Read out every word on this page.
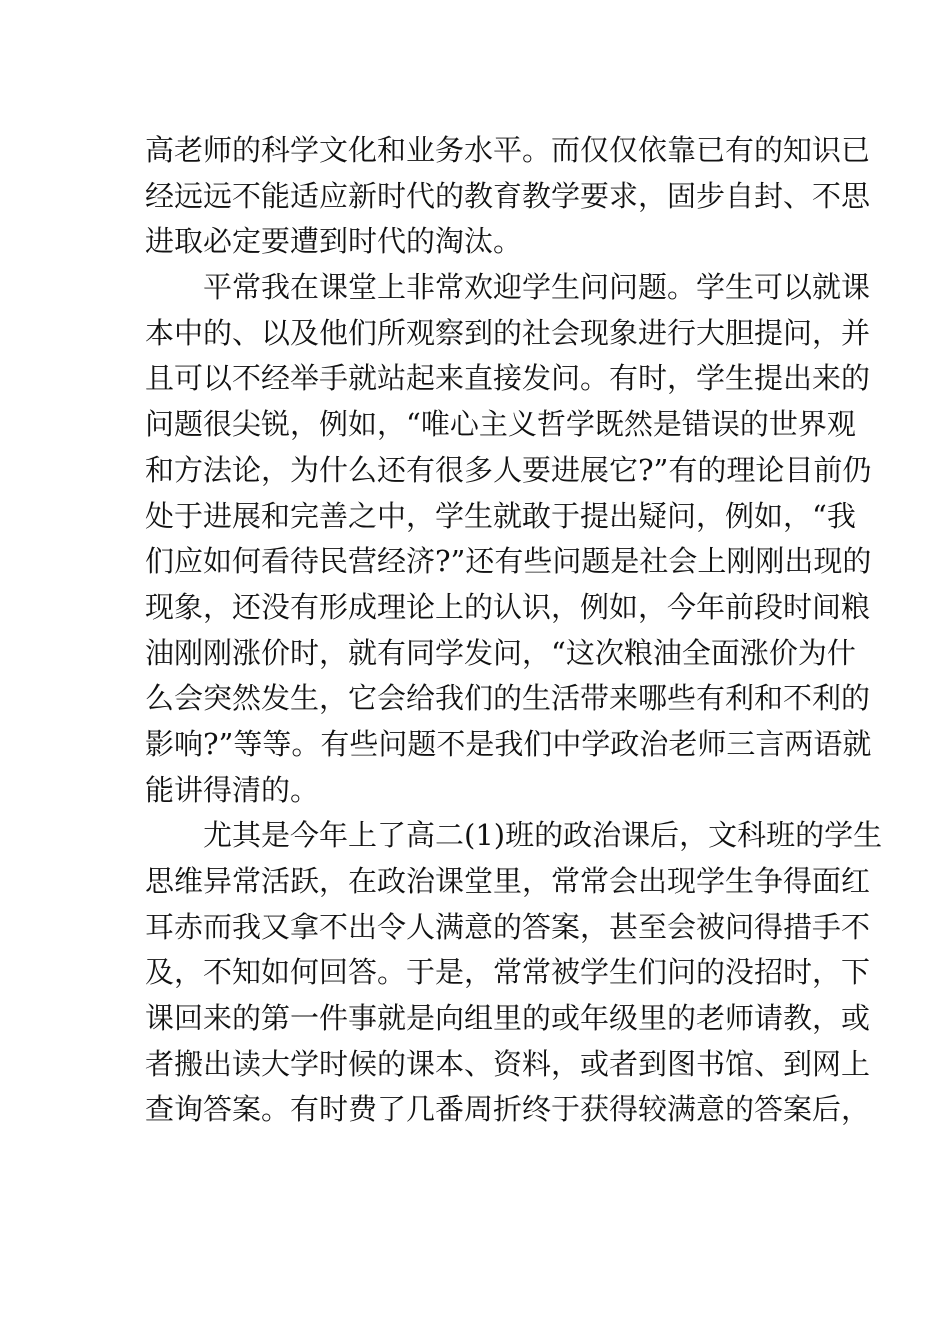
高老师的科学文化和业务水平。而仅仅依靠已有的知识已
经远远不能适应新时代的教育教学要求，固步自封、不思
进取必定要遭到时代的淘汰。
平常我在课堂上非常欢迎学生问问题。学生可以就课
本中的、以及他们所观察到的社会现象进行大胆提问，并
且可以不经举手就站起来直接发问。有时，学生提出来的
问题很尖锐，例如，“唯心主义哲学既然是错误的世界观
和方法论，为什么还有很多人要进展它?”有的理论目前仍
处于进展和完善之中，学生就敢于提出疑问，例如，“我
们应如何看待民营经济?”还有些问题是社会上刚刚出现的
现象，还没有形成理论上的认识，例如，今年前段时间粮
油刚刚涨价时，就有同学发问，“这次粮油全面涨价为什
么会突然发生，它会给我们的生活带来哪些有利和不利的
影响?”等等。有些问题不是我们中学政治老师三言两语就
能讲得清的。
尤其是今年上了高二(1)班的政治课后，文科班的学生
思维异常活跃，在政治课堂里，常常会出现学生争得面红
耳赤而我又拿不出令人满意的答案，甚至会被问得措手不
及，不知如何回答。于是，常常被学生们问的没招时，下
课回来的第一件事就是向组里的或年级里的老师请教，或
者搬出读大学时候的课本、资料，或者到图书馆、到网上
查询答案。有时费了几番周折终于获得较满意的答案后，
